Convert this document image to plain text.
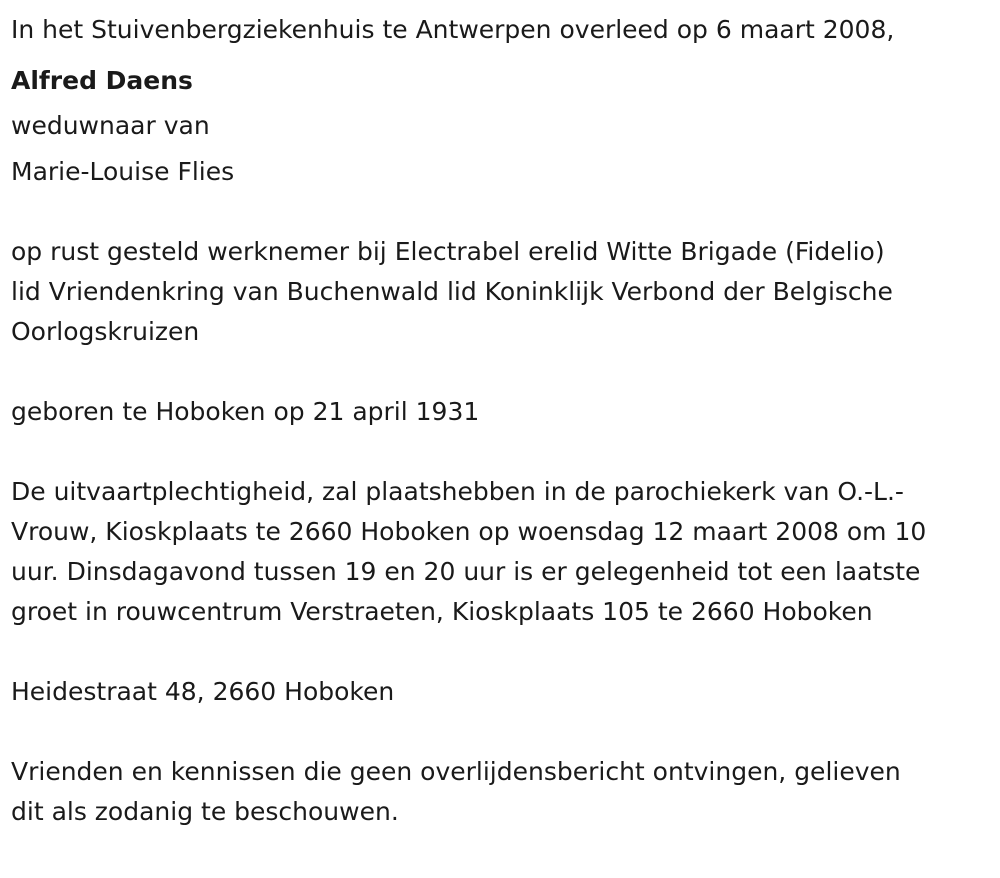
In het Stuivenbergziekenhuis te Antwerpen overleed op 6 maart 2008,

Alfred Daens

weduwnaar van

Marie-Louise Flies

op rust gesteld werknemer bij Electrabel erelid Witte Brigade (Fidelio)

lid Vriendenkring van Buchenwald lid Koninklijk Verbond der Belgische

Oorlogskruizen

geboren te Hoboken op 21 april 1931

De uitvaartplechtigheid, zal plaatshebben in de parochiekerk van O.-L.-

Vrouw, Kioskplaats te 2660 Hoboken op woensdag 12 maart 2008 om 10

uur. Dinsdagavond tussen 19 en 20 uur is er gelegenheid tot een laatste

groet in rouwcentrum Verstraeten, Kioskplaats 105 te 2660 Hoboken

Heidestraat 48, 2660 Hoboken

Vrienden en kennissen die geen overlijdensbericht ontvingen, gelieven

dit als zodanig te beschouwen.
